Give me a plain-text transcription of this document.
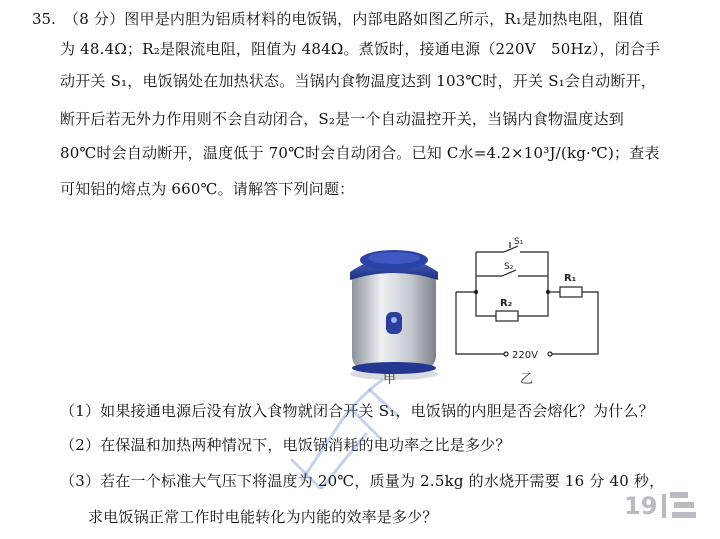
35. （8 分）图甲是内胆为铝质材料的电饭锅，内部电路如图乙所示，R₁是加热电阻，阻值
为 48.4Ω；R₂是限流电阻，阻值为 484Ω。煮饭时，接通电源（220V　50Hz），闭合手
动开关 S₁，电饭锅处在加热状态。当锅内食物温度达到 103℃时，开关 S₁会自动断开，
断开后若无外力作用则不会自动闭合，S₂是一个自动温控开关，当锅内食物温度达到
80℃时会自动断开，温度低于 70℃时会自动闭合。已知 C水=4.2×10³J/(kg·℃)；查表
可知铝的熔点为 660℃。请解答下列问题：
S₁
S₂
R₁
R₂
220V
甲	乙
（1）如果接通电源后没有放入食物就闭合开关 S₁，电饭锅的内胆是否会熔化？为什么？
（2）在保温和加热两种情况下，电饭锅消耗的电功率之比是多少？
（3）若在一个标准大气压下将温度为 20℃，质量为 2.5kg 的水烧开需要 16 分 40 秒，
求电饭锅正常工作时电能转化为内能的效率是多少？	19
